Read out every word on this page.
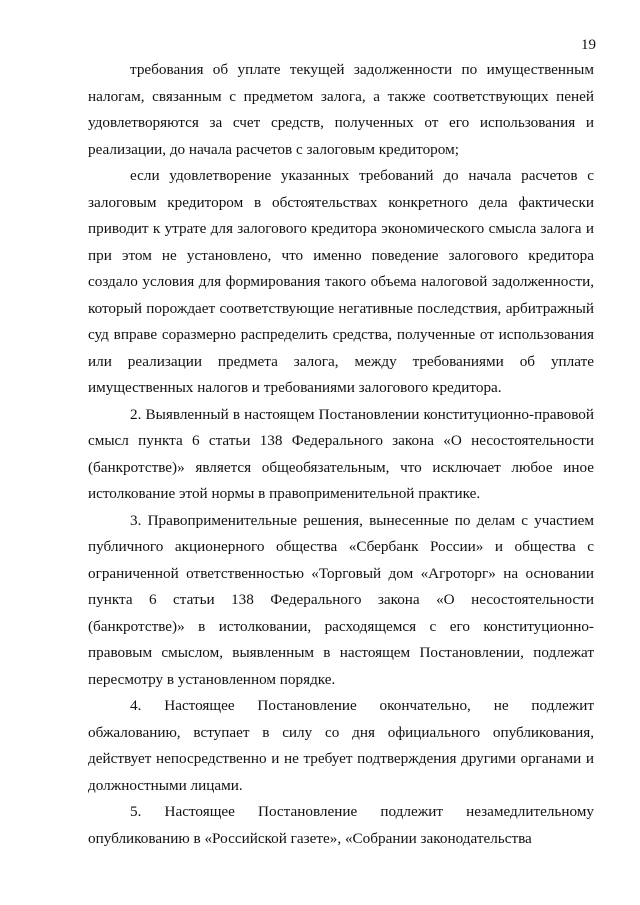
19

требования об уплате текущей задолженности по имущественным налогам, связанным с предметом залога, а также соответствующих пеней удовлетворяются за счет средств, полученных от его использования и реализации, до начала расчетов с залоговым кредитором;

если удовлетворение указанных требований до начала расчетов с залоговым кредитором в обстоятельствах конкретного дела фактически приводит к утрате для залогового кредитора экономического смысла залога и при этом не установлено, что именно поведение залогового кредитора создало условия для формирования такого объема налоговой задолженности, который порождает соответствующие негативные последствия, арбитражный суд вправе соразмерно распределить средства, полученные от использования или реализации предмета залога, между требованиями об уплате имущественных налогов и требованиями залогового кредитора.

2. Выявленный в настоящем Постановлении конституционно-правовой смысл пункта 6 статьи 138 Федерального закона «О несостоятельности (банкротстве)» является общеобязательным, что исключает любое иное истолкование этой нормы в правоприменительной практике.

3. Правоприменительные решения, вынесенные по делам с участием публичного акционерного общества «Сбербанк России» и общества с ограниченной ответственностью «Торговый дом «Агроторг» на основании пункта 6 статьи 138 Федерального закона «О несостоятельности (банкротстве)» в истолковании, расходящемся с его конституционно-правовым смыслом, выявленным в настоящем Постановлении, подлежат пересмотру в установленном порядке.

4. Настоящее Постановление окончательно, не подлежит обжалованию, вступает в силу со дня официального опубликования, действует непосредственно и не требует подтверждения другими органами и должностными лицами.

5. Настоящее Постановление подлежит незамедлительному опубликованию в «Российской газете», «Собрании законодательства
